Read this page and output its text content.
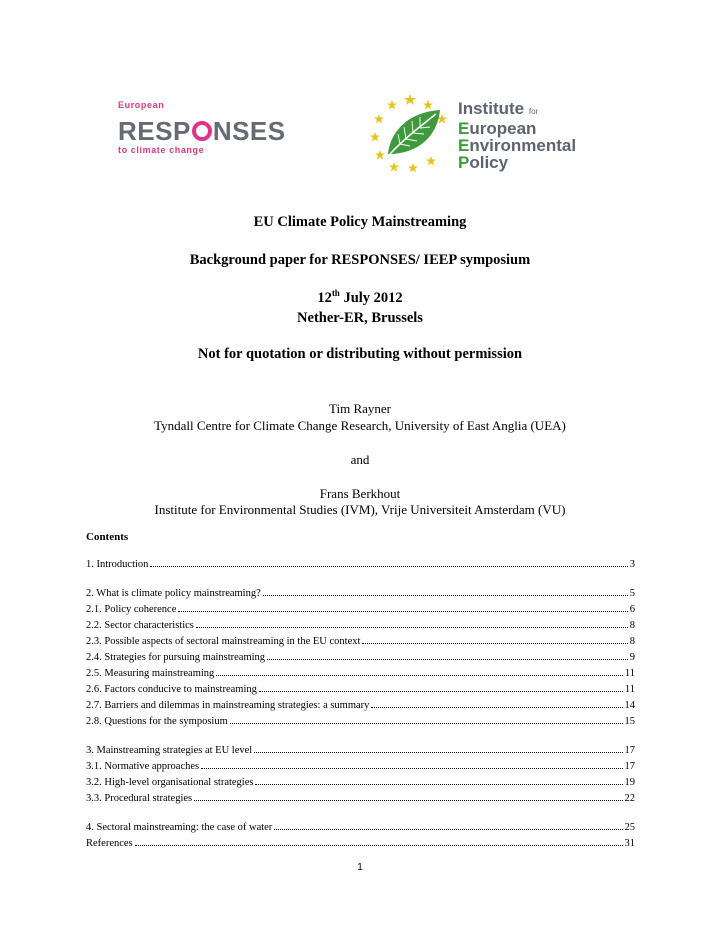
European
RESP NSES
to climate change
Institute for
European
Environmental
Policy
EU Climate Policy Mainstreaming
Background paper for RESPONSES/ IEEP symposium
12th July 2012
Nether-ER, Brussels
Not for quotation or distributing without permission
Tim Rayner
Tyndall Centre for Climate Change Research, University of East Anglia (UEA)
and
Frans Berkhout
Institute for Environmental Studies (IVM), Vrije Universiteit Amsterdam (VU)
Contents
1. Introduction	3
2. What is climate policy mainstreaming?	5
2.1. Policy coherence	6
2.2. Sector characteristics	8
2.3. Possible aspects of sectoral mainstreaming in the EU context	8
2.4. Strategies for pursuing mainstreaming	9
2.5. Measuring mainstreaming	11
2.6. Factors conducive to mainstreaming	11
2.7. Barriers and dilemmas in mainstreaming strategies: a summary	14
2.8. Questions for the symposium	15
3. Mainstreaming strategies at EU level	17
3.1. Normative approaches	17
3.2. High-level organisational strategies	19
3.3. Procedural strategies	22
4. Sectoral mainstreaming: the case of water	25
References	31
1
